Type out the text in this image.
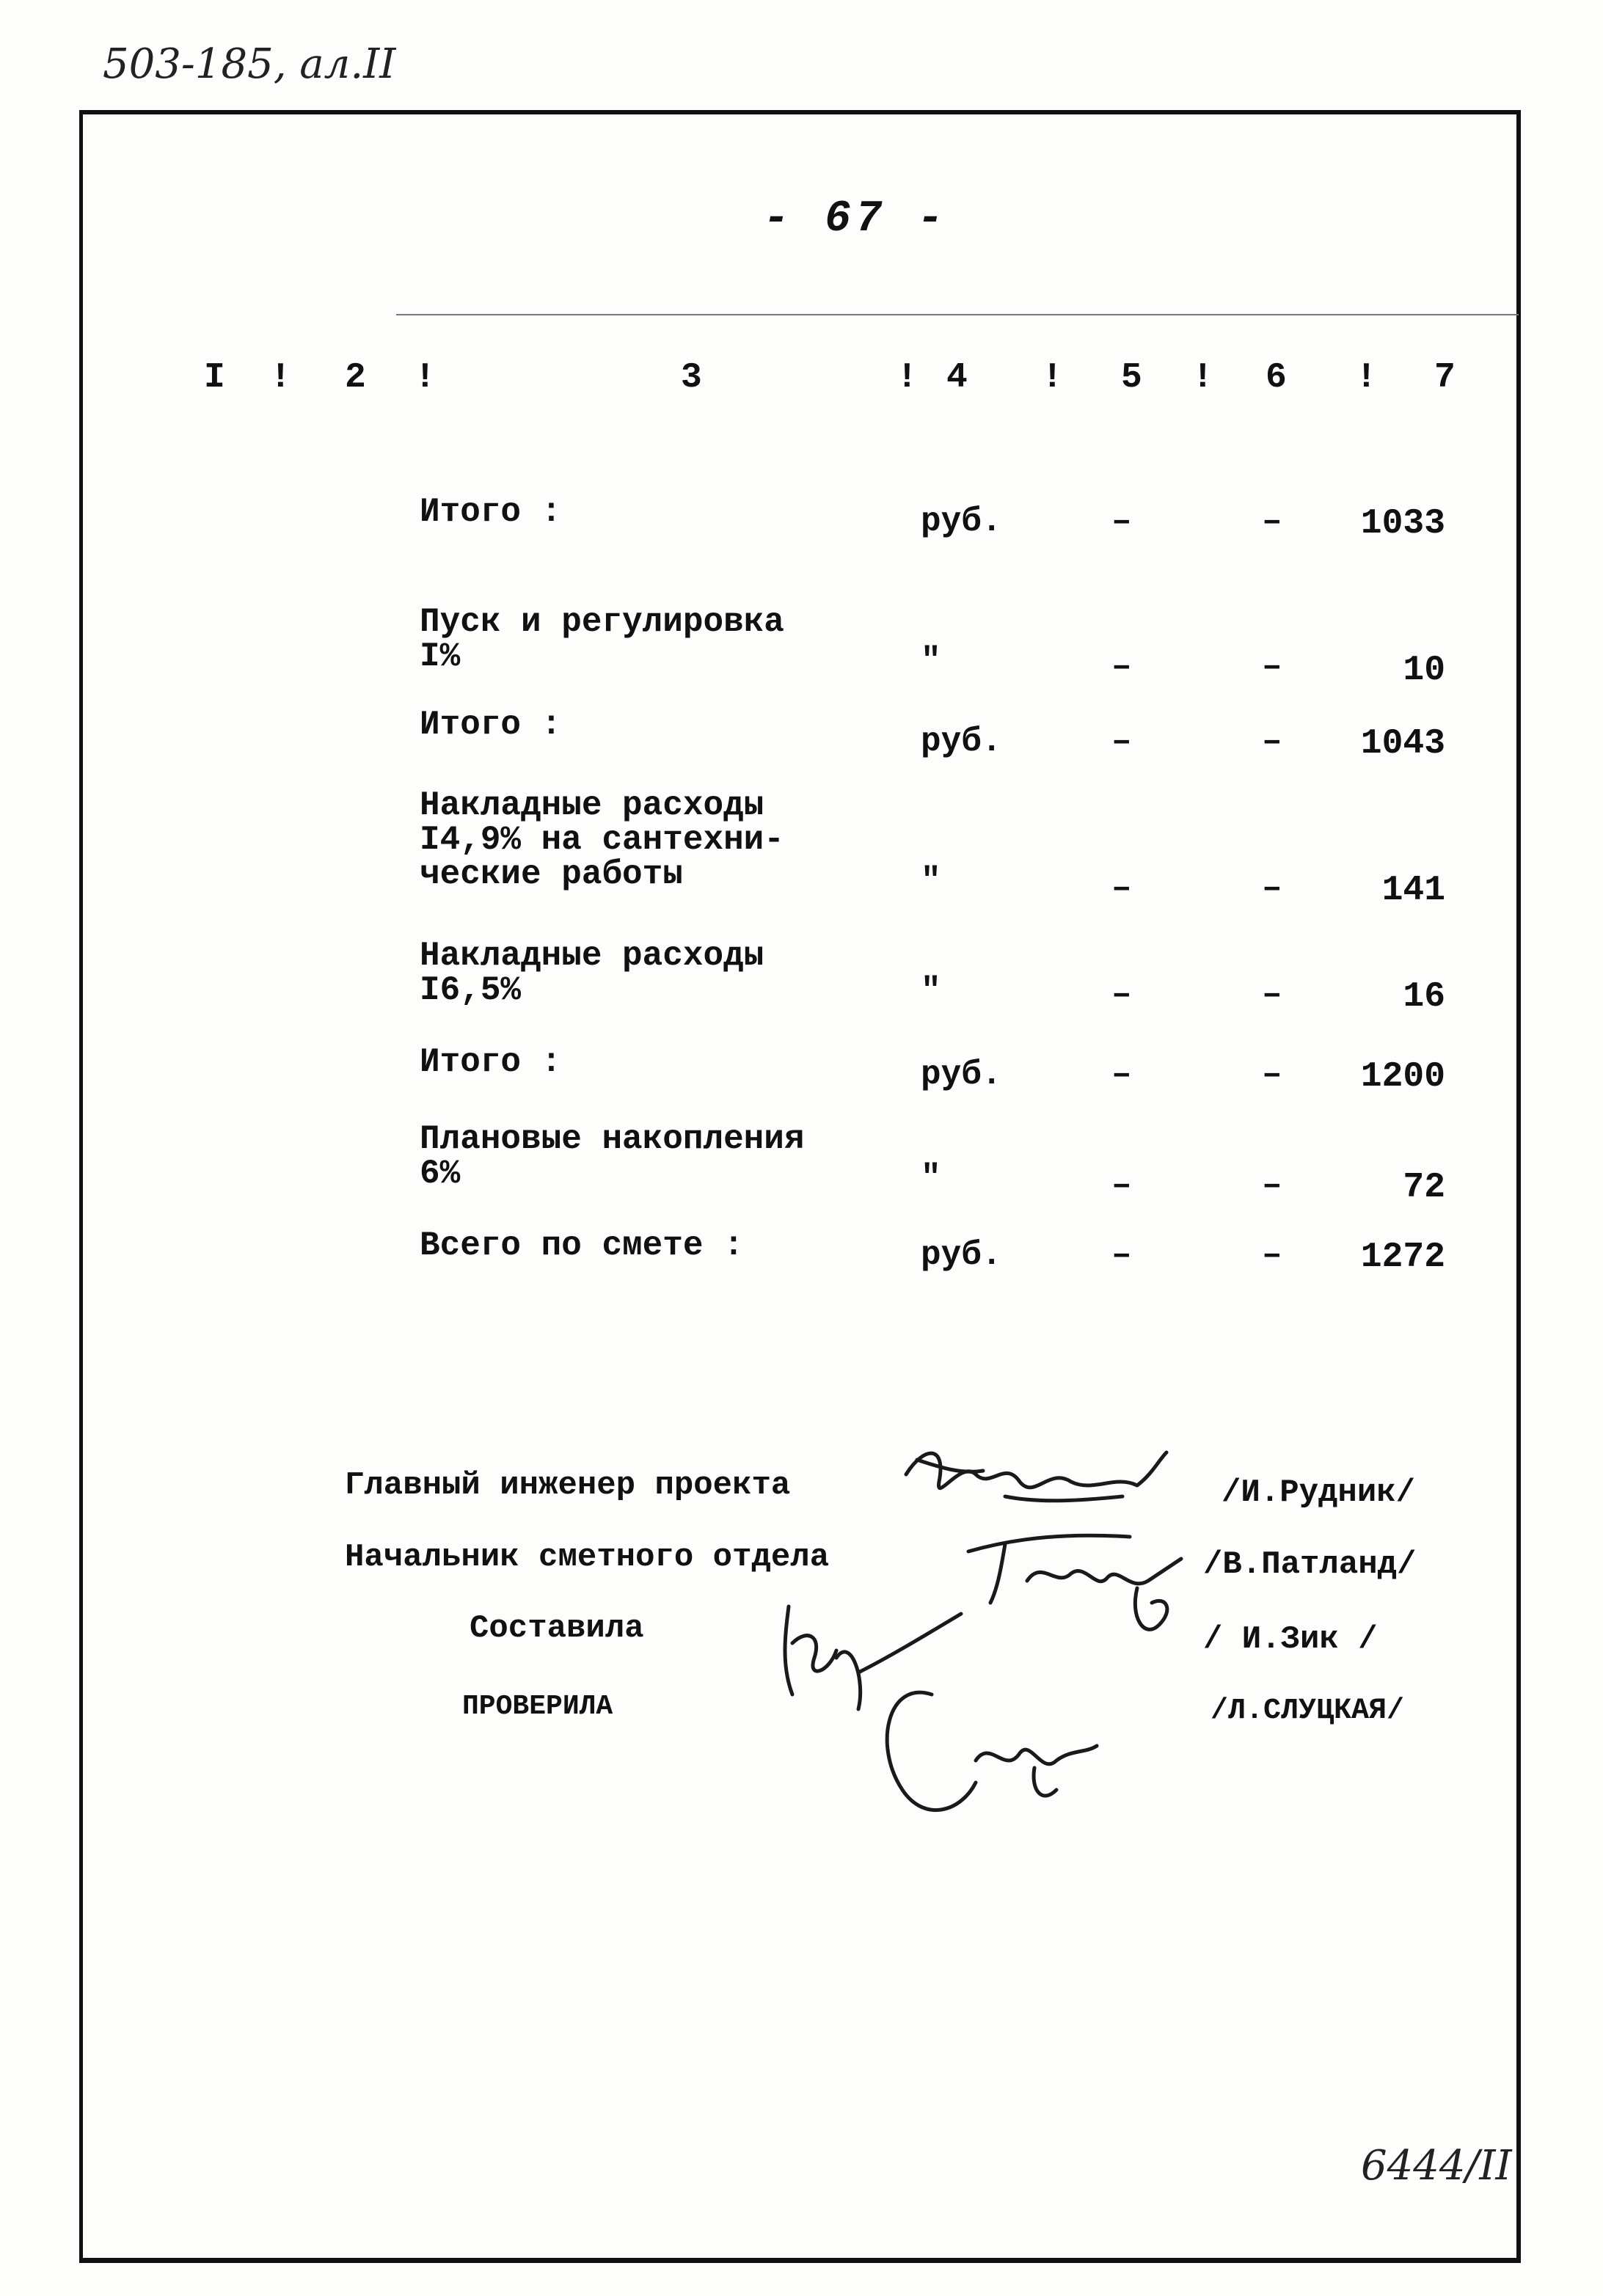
503-185, ал.II
- 67 -
I ! 2 !	3	! 4 ! 5 ! 6 ! 7
Итого :	руб.	–	– 1033
Пуск и регулировка
I%	"	–	–	10
Итого :	руб.	–	– 1043
Накладные расходы
I4,9% на сантехни-
ческие работы	"	–	–	141
Накладные расходы
I6,5%	"	–	–	16
Итого :	руб.	–	– 1200
Плановые накопления
6%	"	–	–	72
Всего по смете :	руб.	–	– 1272
Главный инженер проекта	/И.Рудник/
Начальник сметного отдела	/В.Патланд/
Составила	/ И.Зик /
ПРОВЕРИЛА	/Л.СЛУЦКАЯ/
6444/II
